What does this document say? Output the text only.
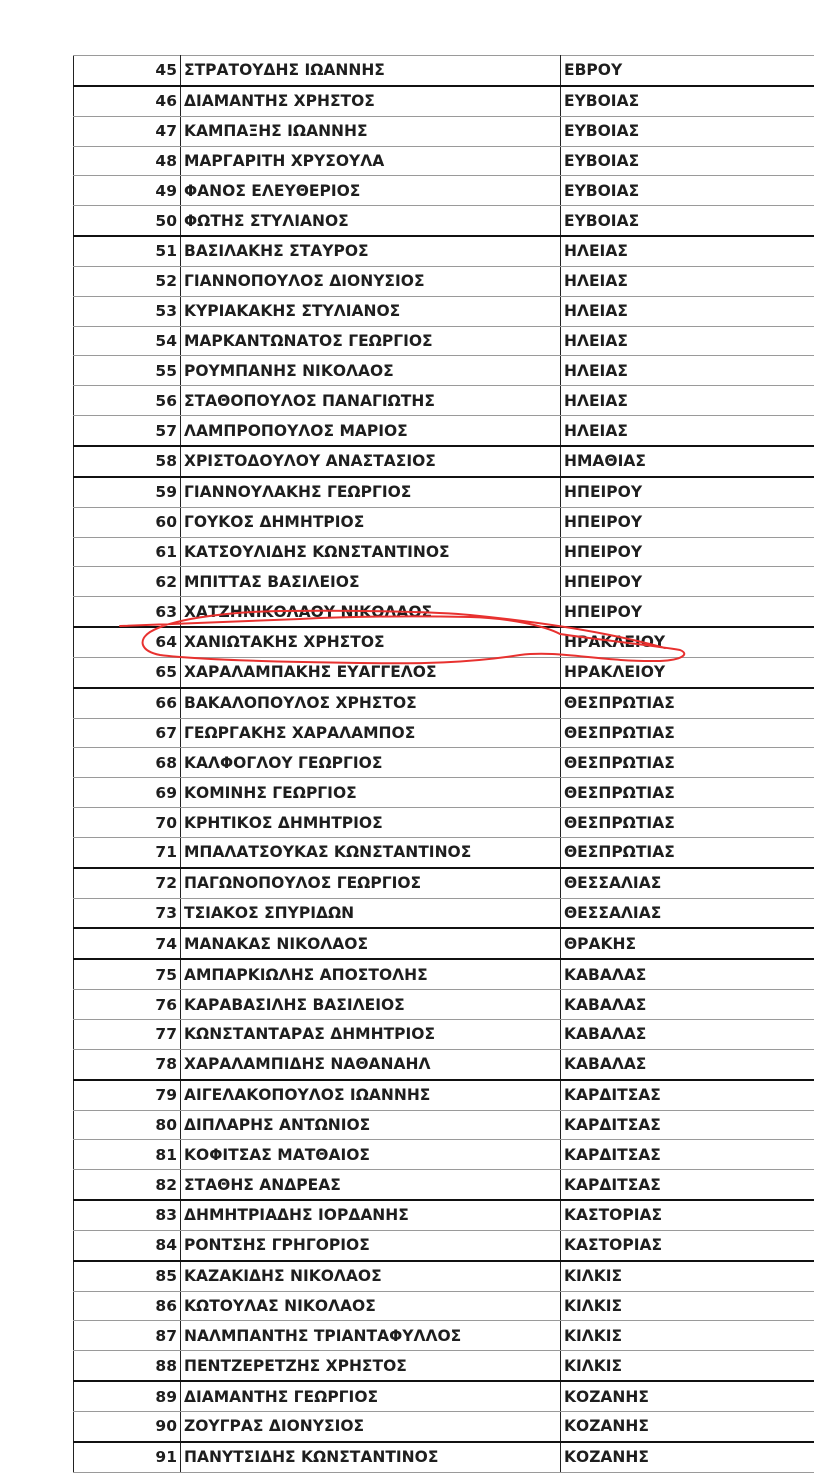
45	ΣΤΡΑΤΟΥΔΗΣ ΙΩΑΝΝΗΣ	ΕΒΡΟΥ
46	ΔΙΑΜΑΝΤΗΣ ΧΡΗΣΤΟΣ	ΕΥΒΟΙΑΣ
47	ΚΑΜΠΑΞΗΣ ΙΩΑΝΝΗΣ	ΕΥΒΟΙΑΣ
48	ΜΑΡΓΑΡΙΤΗ ΧΡΥΣΟΥΛΑ	ΕΥΒΟΙΑΣ
49	ΦΑΝΟΣ ΕΛΕΥΘΕΡΙΟΣ	ΕΥΒΟΙΑΣ
50	ΦΩΤΗΣ ΣΤΥΛΙΑΝΟΣ	ΕΥΒΟΙΑΣ
51	ΒΑΣΙΛΑΚΗΣ ΣΤΑΥΡΟΣ	ΗΛΕΙΑΣ
52	ΓΙΑΝΝΟΠΟΥΛΟΣ ΔΙΟΝΥΣΙΟΣ	ΗΛΕΙΑΣ
53	ΚΥΡΙΑΚΑΚΗΣ ΣΤΥΛΙΑΝΟΣ	ΗΛΕΙΑΣ
54	ΜΑΡΚΑΝΤΩΝΑΤΟΣ ΓΕΩΡΓΙΟΣ	ΗΛΕΙΑΣ
55	ΡΟΥΜΠΑΝΗΣ ΝΙΚΟΛΑΟΣ	ΗΛΕΙΑΣ
56	ΣΤΑΘΟΠΟΥΛΟΣ ΠΑΝΑΓΙΩΤΗΣ	ΗΛΕΙΑΣ
57	ΛΑΜΠΡΟΠΟΥΛΟΣ ΜΑΡΙΟΣ	ΗΛΕΙΑΣ
58	ΧΡΙΣΤΟΔΟΥΛΟΥ ΑΝΑΣΤΑΣΙΟΣ	ΗΜΑΘΙΑΣ
59	ΓΙΑΝΝΟΥΛΑΚΗΣ ΓΕΩΡΓΙΟΣ	ΗΠΕΙΡΟΥ
60	ΓΟΥΚΟΣ ΔΗΜΗΤΡΙΟΣ	ΗΠΕΙΡΟΥ
61	ΚΑΤΣΟΥΛΙΔΗΣ ΚΩΝΣΤΑΝΤΙΝΟΣ	ΗΠΕΙΡΟΥ
62	ΜΠΙΤΤΑΣ ΒΑΣΙΛΕΙΟΣ	ΗΠΕΙΡΟΥ
63	ΧΑΤΖΗΝΙΚΟΛΑΟΥ ΝΙΚΟΛΑΟΣ	ΗΠΕΙΡΟΥ
64	ΧΑΝΙΩΤΑΚΗΣ ΧΡΗΣΤΟΣ	ΗΡΑΚΛΕΙΟΥ
65	ΧΑΡΑΛΑΜΠΑΚΗΣ ΕΥΑΓΓΕΛΟΣ	ΗΡΑΚΛΕΙΟΥ
66	ΒΑΚΑΛΟΠΟΥΛΟΣ ΧΡΗΣΤΟΣ	ΘΕΣΠΡΩΤΙΑΣ
67	ΓΕΩΡΓΑΚΗΣ ΧΑΡΑΛΑΜΠΟΣ	ΘΕΣΠΡΩΤΙΑΣ
68	ΚΑΛΦΟΓΛΟΥ ΓΕΩΡΓΙΟΣ	ΘΕΣΠΡΩΤΙΑΣ
69	ΚΟΜΙΝΗΣ ΓΕΩΡΓΙΟΣ	ΘΕΣΠΡΩΤΙΑΣ
70	ΚΡΗΤΙΚΟΣ ΔΗΜΗΤΡΙΟΣ	ΘΕΣΠΡΩΤΙΑΣ
71	ΜΠΑΛΑΤΣΟΥΚΑΣ ΚΩΝΣΤΑΝΤΙΝΟΣ	ΘΕΣΠΡΩΤΙΑΣ
72	ΠΑΓΩΝΟΠΟΥΛΟΣ ΓΕΩΡΓΙΟΣ	ΘΕΣΣΑΛΙΑΣ
73	ΤΣΙΑΚΟΣ ΣΠΥΡΙΔΩΝ	ΘΕΣΣΑΛΙΑΣ
74	ΜΑΝΑΚΑΣ ΝΙΚΟΛΑΟΣ	ΘΡΑΚΗΣ
75	ΑΜΠΑΡΚΙΩΛΗΣ ΑΠΟΣΤΟΛΗΣ	ΚΑΒΑΛΑΣ
76	ΚΑΡΑΒΑΣΙΛΗΣ ΒΑΣΙΛΕΙΟΣ	ΚΑΒΑΛΑΣ
77	ΚΩΝΣΤΑΝΤΑΡΑΣ ΔΗΜΗΤΡΙΟΣ	ΚΑΒΑΛΑΣ
78	ΧΑΡΑΛΑΜΠΙΔΗΣ ΝΑΘΑΝΑΗΛ	ΚΑΒΑΛΑΣ
79	ΑΙΓΕΛΑΚΟΠΟΥΛΟΣ ΙΩΑΝΝΗΣ	ΚΑΡΔΙΤΣΑΣ
80	ΔΙΠΛΑΡΗΣ ΑΝΤΩΝΙΟΣ	ΚΑΡΔΙΤΣΑΣ
81	ΚΟΦΙΤΣΑΣ ΜΑΤΘΑΙΟΣ	ΚΑΡΔΙΤΣΑΣ
82	ΣΤΑΘΗΣ ΑΝΔΡΕΑΣ	ΚΑΡΔΙΤΣΑΣ
83	ΔΗΜΗΤΡΙΑΔΗΣ ΙΟΡΔΑΝΗΣ	ΚΑΣΤΟΡΙΑΣ
84	ΡΟΝΤΣΗΣ ΓΡΗΓΟΡΙΟΣ	ΚΑΣΤΟΡΙΑΣ
85	ΚΑΖΑΚΙΔΗΣ ΝΙΚΟΛΑΟΣ	ΚΙΛΚΙΣ
86	ΚΩΤΟΥΛΑΣ ΝΙΚΟΛΑΟΣ	ΚΙΛΚΙΣ
87	ΝΑΛΜΠΑΝΤΗΣ ΤΡΙΑΝΤΑΦΥΛΛΟΣ	ΚΙΛΚΙΣ
88	ΠΕΝΤΖΕΡΕΤΖΗΣ ΧΡΗΣΤΟΣ	ΚΙΛΚΙΣ
89	ΔΙΑΜΑΝΤΗΣ ΓΕΩΡΓΙΟΣ	ΚΟΖΑΝΗΣ
90	ΖΟΥΓΡΑΣ ΔΙΟΝΥΣΙΟΣ	ΚΟΖΑΝΗΣ
91	ΠΑΝΥΤΣΙΔΗΣ ΚΩΝΣΤΑΝΤΙΝΟΣ	ΚΟΖΑΝΗΣ
